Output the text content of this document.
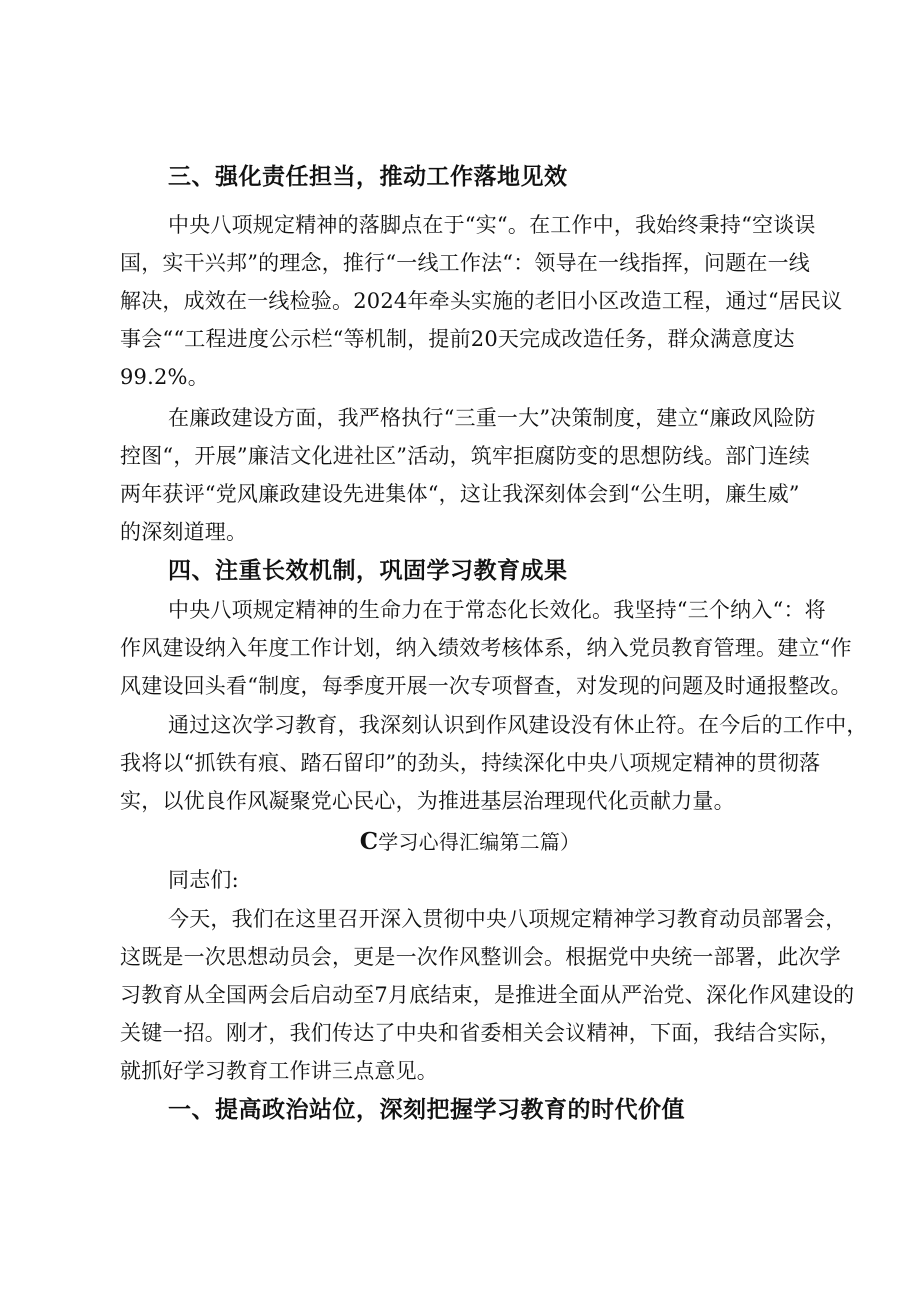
三、强化责任担当，推动工作落地见效
中央八项规定精神的落脚点在于“实“。在工作中，我始终秉持“空谈误
国，实干兴邦”的理念，推行“一线工作法“：领导在一线指挥，问题在一线
解决，成效在一线检验。2024年牵头实施的老旧小区改造工程，通过“居民议
事会““工程进度公示栏“等机制，提前20天完成改造任务，群众满意度达
99.2%。
在廉政建设方面，我严格执行“三重一大”决策制度，建立“廉政风险防
控图“，开展”廉洁文化进社区”活动，筑牢拒腐防变的思想防线。部门连续
两年获评“党风廉政建设先进集体“，这让我深刻体会到“公生明，廉生威”
的深刻道理。
四、注重长效机制，巩固学习教育成果
中央八项规定精神的生命力在于常态化长效化。我坚持“三个纳入“：将
作风建设纳入年度工作计划，纳入绩效考核体系，纳入党员教育管理。建立“作
风建设回头看“制度，每季度开展一次专项督查，对发现的问题及时通报整改。
通过这次学习教育，我深刻认识到作风建设没有休止符。在今后的工作中，
我将以“抓铁有痕、踏石留印”的劲头，持续深化中央八项规定精神的贯彻落
实，以优良作风凝聚党心民心，为推进基层治理现代化贡献力量。
C学习心得汇编第二篇）
同志们:
今天，我们在这里召开深入贯彻中央八项规定精神学习教育动员部署会，
这既是一次思想动员会，更是一次作风整训会。根据党中央统一部署，此次学
习教育从全国两会后启动至7月底结束，是推进全面从严治党、深化作风建设的
关键一招。刚才，我们传达了中央和省委相关会议精神，下面，我结合实际，
就抓好学习教育工作讲三点意见。
一、提高政治站位，深刻把握学习教育的时代价值
